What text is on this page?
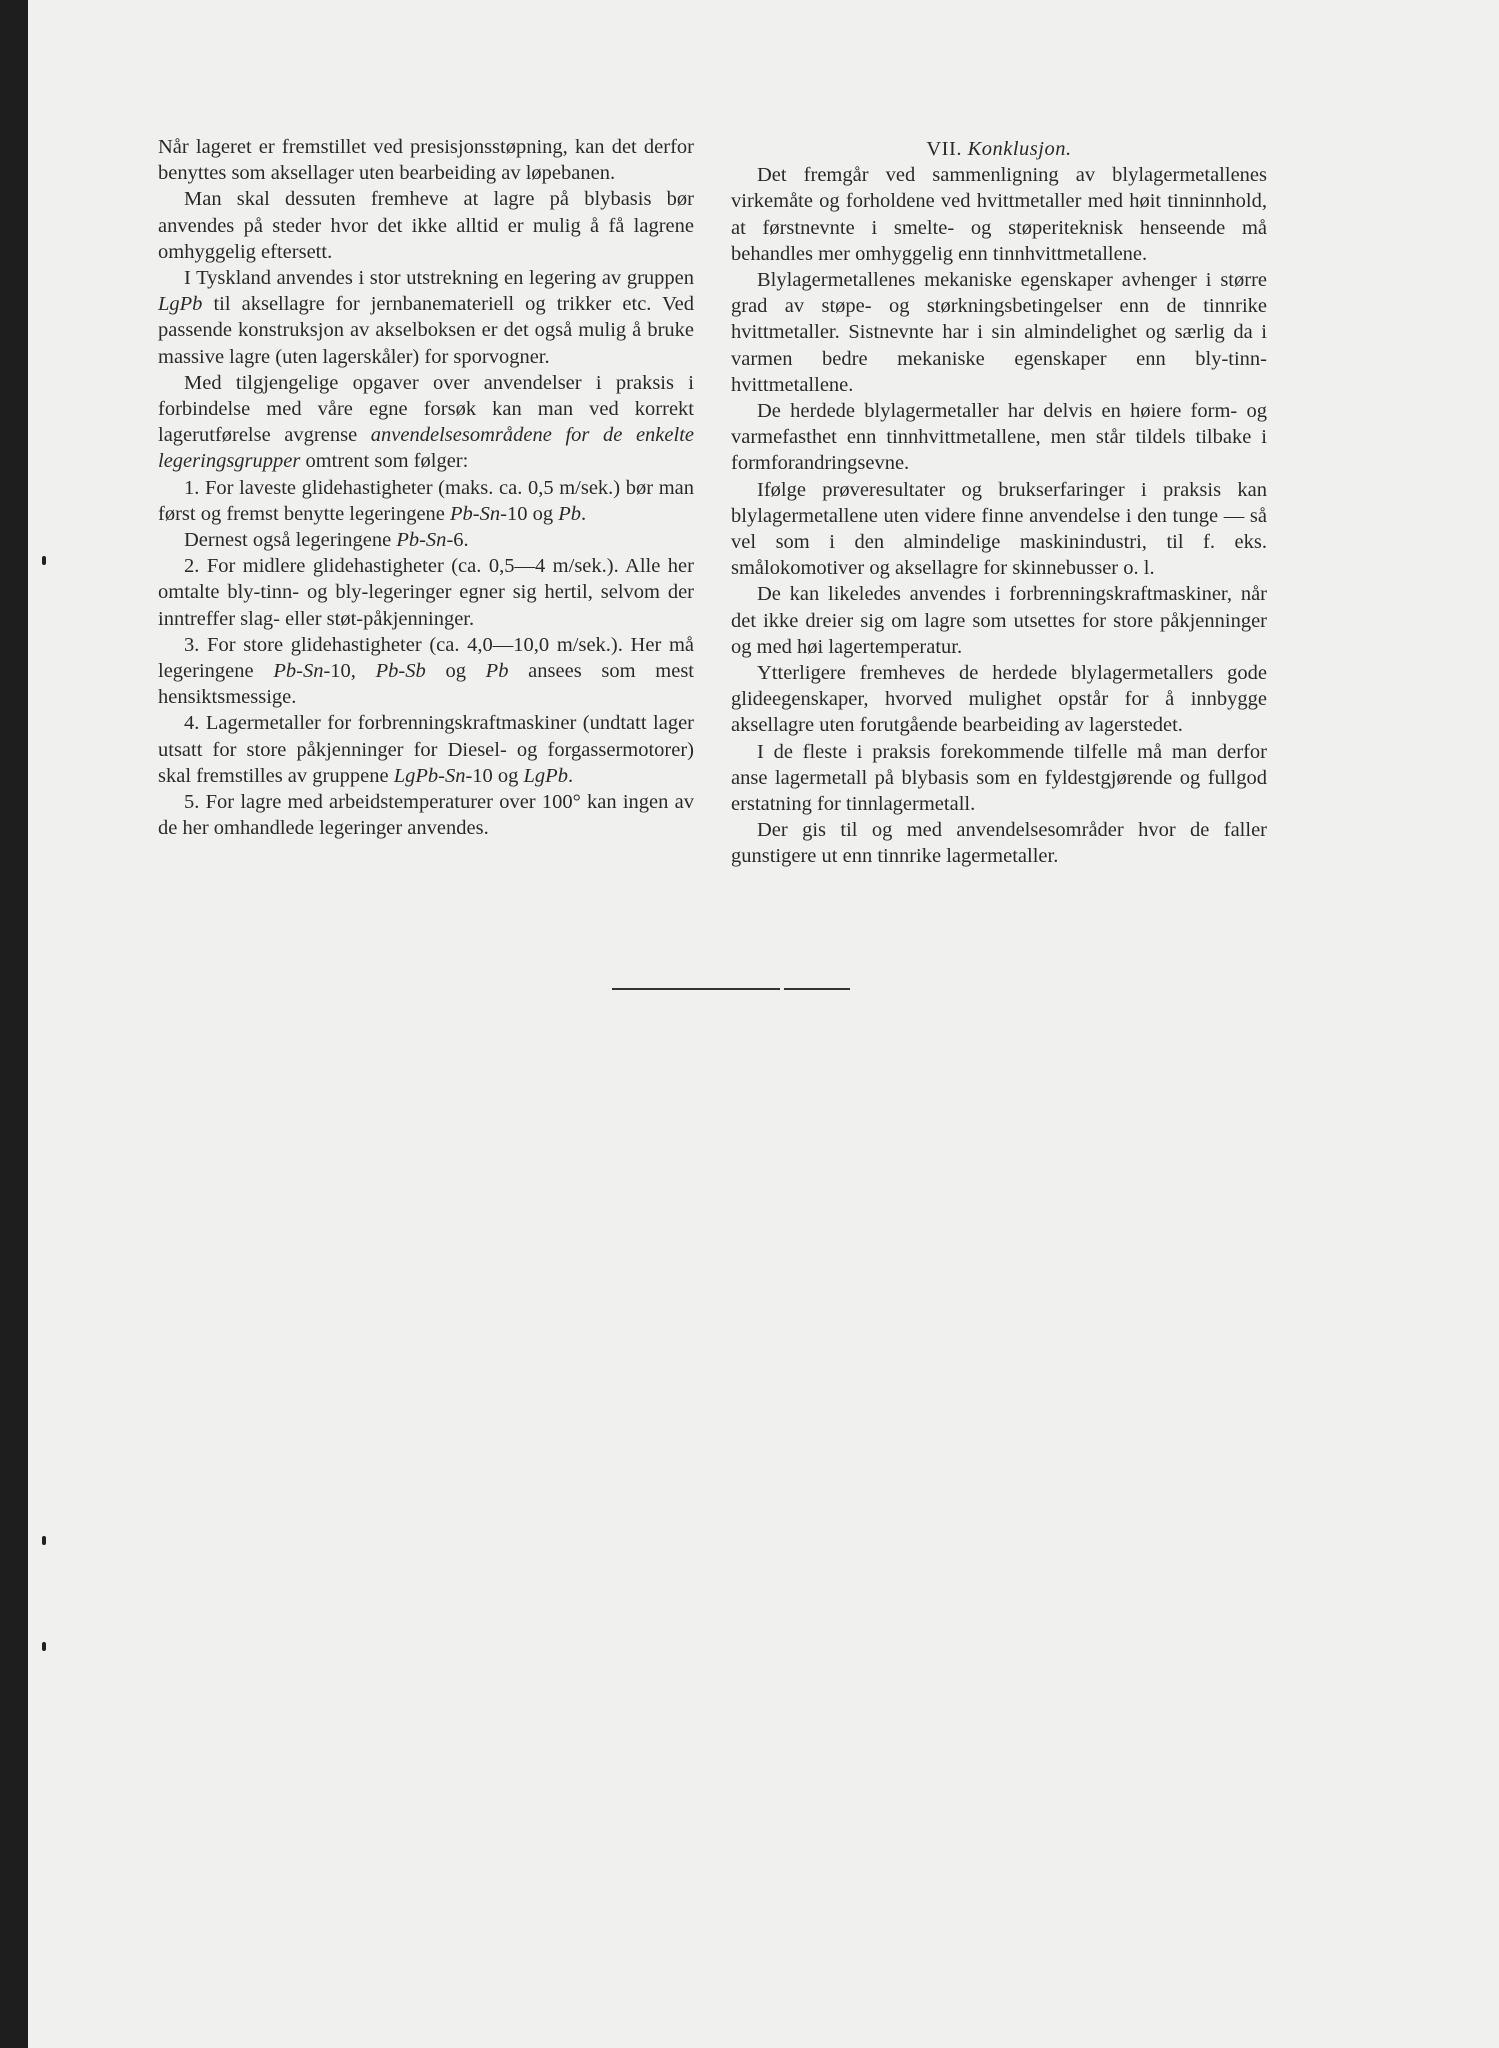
Når lageret er fremstillet ved presisjonsstøpning, kan det derfor benyttes som aksellager uten bearbeiding av løpebanen.

Man skal dessuten fremheve at lagre på blybasis bør anvendes på steder hvor det ikke alltid er mulig å få lagrene omhyggelig eftersett.

I Tyskland anvendes i stor utstrekning en legering av gruppen LgPb til aksellagre for jernbanemateriell og trikker etc. Ved passende konstruksjon av akselboksen er det også mulig å bruke massive lagre (uten lagerskåler) for sporvogner.

Med tilgjengelige opgaver over anvendelser i praksis i forbindelse med våre egne forsøk kan man ved korrekt lagerutførelse avgrense anvendelsesområdene for de enkelte legeringsgrupper omtrent som følger:

1. For laveste glidehastigheter (maks. ca. 0,5 m/sek.) bør man først og fremst benytte legeringene Pb-Sn-10 og Pb.

Dernest også legeringene Pb-Sn-6.

2. For midlere glidehastigheter (ca. 0,5—4 m/sek.). Alle her omtalte bly-tinn- og bly-legeringer egner sig hertil, selvom der inntreffer slag- eller støt-påkjenninger.

3. For store glidehastigheter (ca. 4,0—10,0 m/sek.). Her må legeringene Pb-Sn-10, Pb-Sb og Pb ansees som mest hensiktsmessige.

4. Lagermetaller for forbrenningskraftmaskiner (undtatt lager utsatt for store påkjenninger for Diesel- og forgassermotorer) skal fremstilles av gruppene LgPb-Sn-10 og LgPb.

5. For lagre med arbeidstemperaturer over 100° kan ingen av de her omhandlede legeringer anvendes.

VII. Konklusjon.

Det fremgår ved sammenligning av blylagermetallenes virkemåte og forholdene ved hvittmetaller med høit tinninnhold, at førstnevnte i smelte- og støperiteknisk henseende må behandles mer omhyggelig enn tinnhvittmetallene.

Blylagermetallenes mekaniske egenskaper avhenger i større grad av støpe- og størkningsbetingelser enn de tinnrike hvittmetaller. Sistnevnte har i sin almindelighet og særlig da i varmen bedre mekaniske egenskaper enn bly-tinn-hvittmetallene.

De herdede blylagermetaller har delvis en høiere form- og varmefasthet enn tinnhvittmetallene, men står tildels tilbake i formforandringsevne.

Ifølge prøveresultater og brukserfaringer i praksis kan blylagermetallene uten videre finne anvendelse i den tunge — så vel som i den almindelige maskinindustri, til f. eks. smålokomotiver og aksellagre for skinnebusser o. l.

De kan likeledes anvendes i forbrenningskraftmaskiner, når det ikke dreier sig om lagre som utsettes for store påkjenninger og med høi lagertemperatur.

Ytterligere fremheves de herdede blylagermetallers gode glideegenskaper, hvorved mulighet opstår for å innbygge aksellagre uten forutgående bearbeiding av lagerstedet.

I de fleste i praksis forekommende tilfelle må man derfor anse lagermetall på blybasis som en fyldestgjørende og fullgod erstatning for tinnlagermetall.

Der gis til og med anvendelsesområder hvor de faller gunstigere ut enn tinnrike lagermetaller.
